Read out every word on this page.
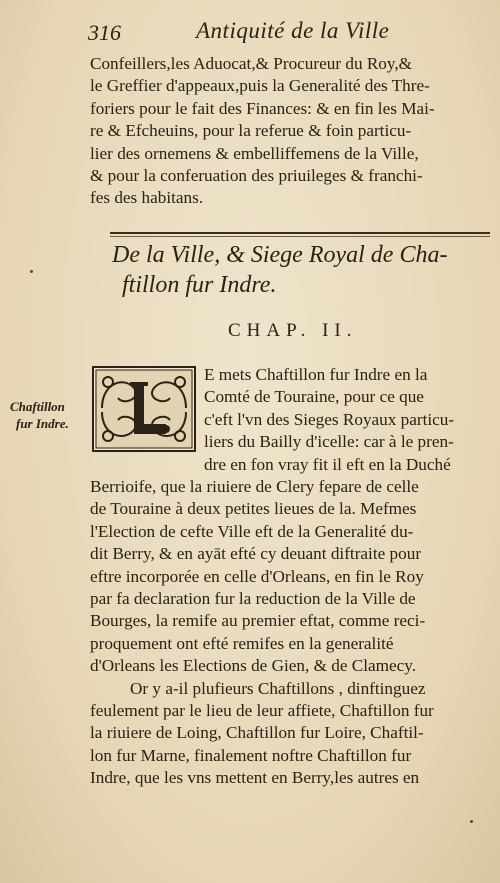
316	Antiquité de la Ville
Confeillers,les Aduocat,& Procureur du Roy,&
le Greffier d'appeaux,puis la Generalité des Thre-
foriers pour le fait des Finances: & en fin les Mai-
re & Efcheuins, pour la referue & foin particu-
lier des ornemens & embelliffemens de la Ville,
& pour la conferuation des priuileges & franchi-
fes des habitans.
De la Ville, & Siege Royal de Cha-
ftillon fur Indre.
CHAP. II.
Chaftillon
fur Indre.
E mets Chaftillon fur Indre en la
Comté de Touraine, pour ce que
c'eft l'vn des Sieges Royaux particu-
liers du Bailly d'icelle: car à le pren-
dre en fon vray fit il eft en la Duché
Berrioife, que la riuiere de Clery fepare de celle
de Touraine à deux petites lieues de la. Mefmes
l'Election de cefte Ville eft de la Generalité du-
dit Berry, & en ayāt efté cy deuant diftraite pour
eftre incorporée en celle d'Orleans, en fin le Roy
par fa declaration fur la reduction de la Ville de
Bourges, la remife au premier eftat, comme reci-
proquement ont efté remifes en la generalité
d'Orleans les Elections de Gien, & de Clamecy.
Or y a-il plufieurs Chaftillons , dinftinguez
feulement par le lieu de leur affiete, Chaftillon fur
la riuiere de Loing, Chaftillon fur Loire, Chaftil-
lon fur Marne, finalement noftre Chaftillon fur
Indre, que les vns mettent en Berry,les autres en
